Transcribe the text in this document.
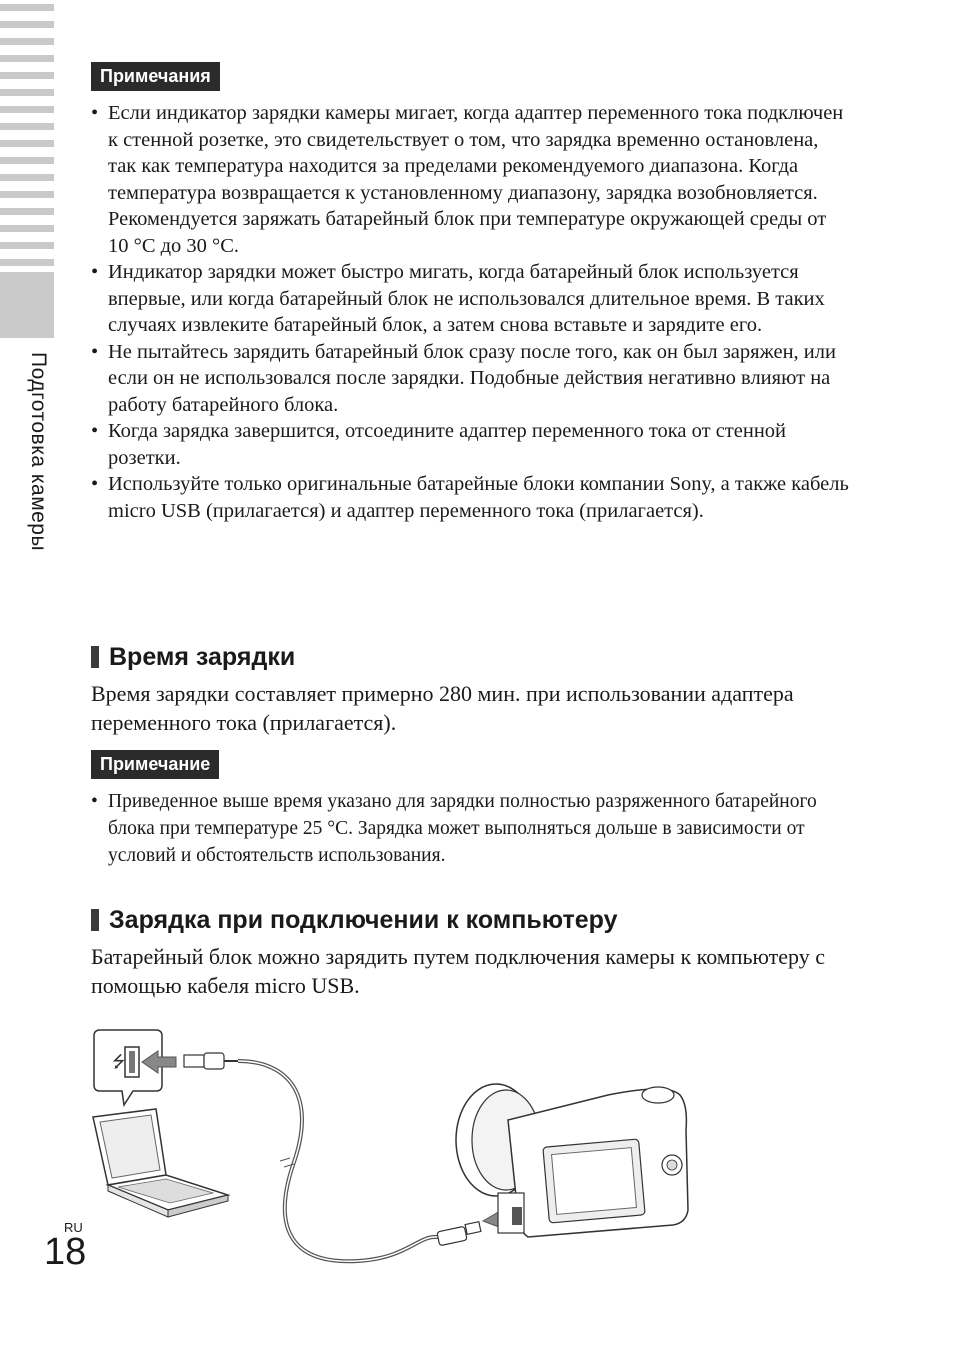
Подготовка камеры
Примечания
• Если индикатор зарядки камеры мигает, когда адаптер переменного тока подключен к стенной розетке, это свидетельствует о том, что зарядка временно остановлена, так как температура находится за пределами рекомендуемого диапазона. Когда температура возвращается к установленному диапазону, зарядка возобновляется. Рекомендуется заряжать батарейный блок при температуре окружающей среды от 10 °C до 30 °C.
• Индикатор зарядки может быстро мигать, когда батарейный блок используется впервые, или когда батарейный блок не использовался длительное время. В таких случаях извлеките батарейный блок, а затем снова вставьте и зарядите его.
• Не пытайтесь зарядить батарейный блок сразу после того, как он был заряжен, или если он не использовался после зарядки. Подобные действия негативно влияют на работу батарейного блока.
• Когда зарядка завершится, отсоедините адаптер переменного тока от стенной розетки.
• Используйте только оригинальные батарейные блоки компании Sony, а также кабель micro USB (прилагается) и адаптер переменного тока (прилагается).
Время зарядки
Время зарядки составляет примерно 280 мин. при использовании адаптера переменного тока (прилагается).
Примечание
• Приведенное выше время указано для зарядки полностью разряженного батарейного блока при температуре 25 °C. Зарядка может выполняться дольше в зависимости от условий и обстоятельств использования.
Зарядка при подключении к компьютеру
Батарейный блок можно зарядить путем подключения камеры к компьютеру с помощью кабеля micro USB.
⭍
RU
18
